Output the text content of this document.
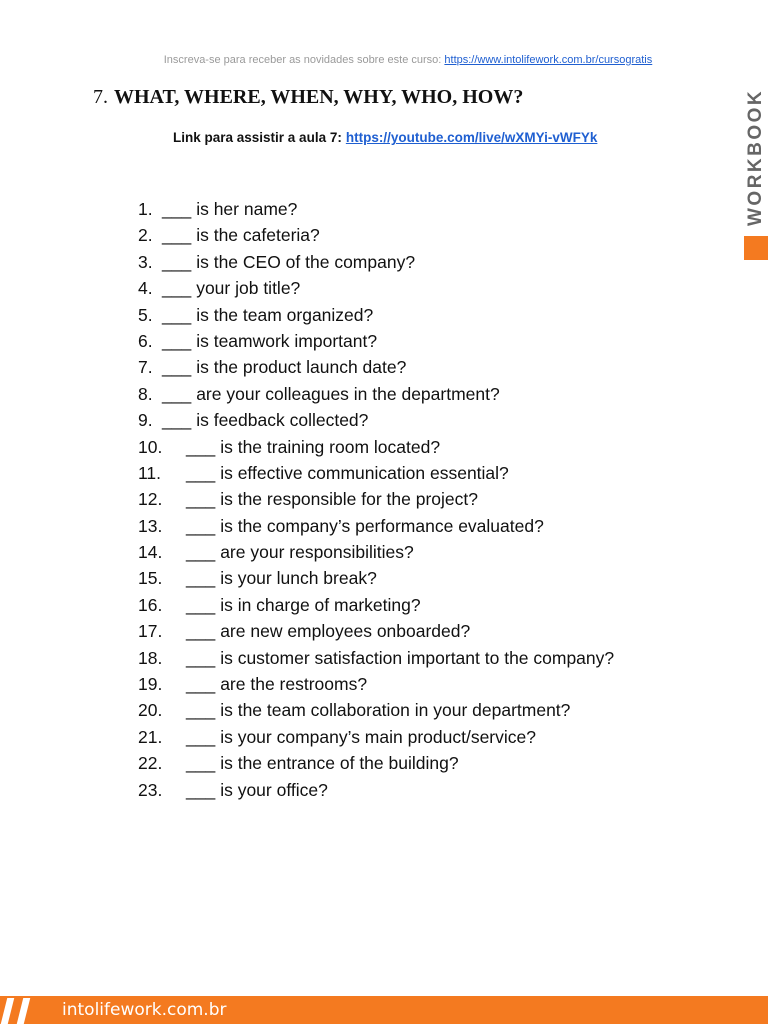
Inscreva-se para receber as novidades sobre este curso: https://www.intolifework.com.br/cursogratis
7. WHAT, WHERE, WHEN, WHY, WHO, HOW?
Link para assistir a aula 7: https://youtube.com/live/wXMYi-vWFYk
1. ___ is her name?
2. ___ is the cafeteria?
3. ___ is the CEO of the company?
4. ___ your job title?
5. ___ is the team organized?
6. ___ is teamwork important?
7. ___ is the product launch date?
8. ___ are your colleagues in the department?
9. ___ is feedback collected?
10.	___ is the training room located?
11.	___ is effective communication essential?
12.	___ is the responsible for the project?
13.	___ is the company’s performance evaluated?
14.	___ are your responsibilities?
15.	___ is your lunch break?
16.	___ is in charge of marketing?
17.	___ are new employees onboarded?
18.	___ is customer satisfaction important to the company?
19.	___ are the restrooms?
20.	___ is the team collaboration in your department?
21.	___ is your company’s main product/service?
22.	___ is the entrance of the building?
23.	___ is your office?
WORKBOOK
intolifework.com.br
